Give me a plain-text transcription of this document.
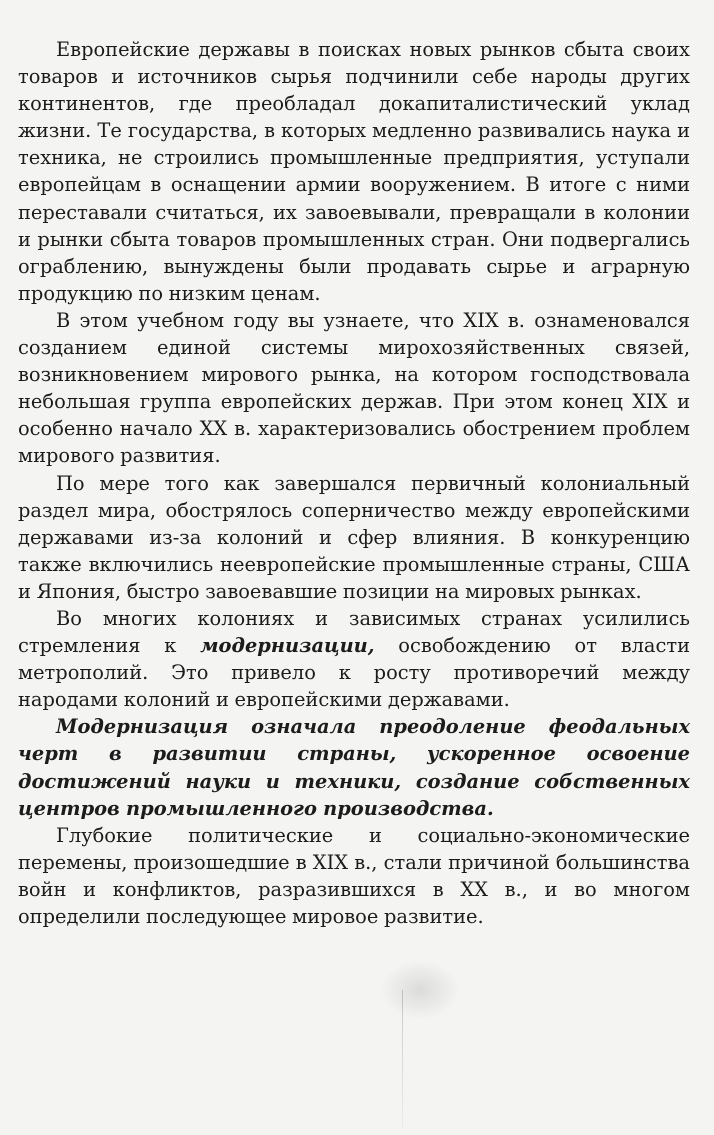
Европейские державы в поисках новых рынков сбыта своих товаров и источников сырья подчинили себе народы других континентов, где преобладал докапиталистический уклад жизни. Те государства, в которых медленно развивались наука и техника, не строились промышленные предприятия, уступали европейцам в оснащении армии вооружением. В итоге с ними переставали считаться, их завоевывали, превращали в колонии и рынки сбыта товаров промышленных стран. Они подвергались ограблению, вынуждены были продавать сырье и аграрную продукцию по низким ценам.

В этом учебном году вы узнаете, что XIX в. ознаменовался созданием единой системы мирохозяйственных связей, возникновением мирового рынка, на котором господствовала небольшая группа европейских держав. При этом конец XIX и особенно начало XX в. характеризовались обострением проблем мирового развития.

По мере того как завершался первичный колониальный раздел мира, обострялось соперничество между европейскими державами из-за колоний и сфер влияния. В конкуренцию также включились неевропейские промышленные страны, США и Япония, быстро завоевавшие позиции на мировых рынках.

Во многих колониях и зависимых странах усилились стремления к модернизации, освобождению от власти метрополий. Это привело к росту противоречий между народами колоний и европейскими державами.

Модернизация означала преодоление феодальных черт в развитии страны, ускоренное освоение достижений науки и техники, создание собственных центров промышленного производства.

Глубокие политические и социально-экономические перемены, произошедшие в XIX в., стали причиной большинства войн и конфликтов, разразившихся в XX в., и во многом определили последующее мировое развитие.
